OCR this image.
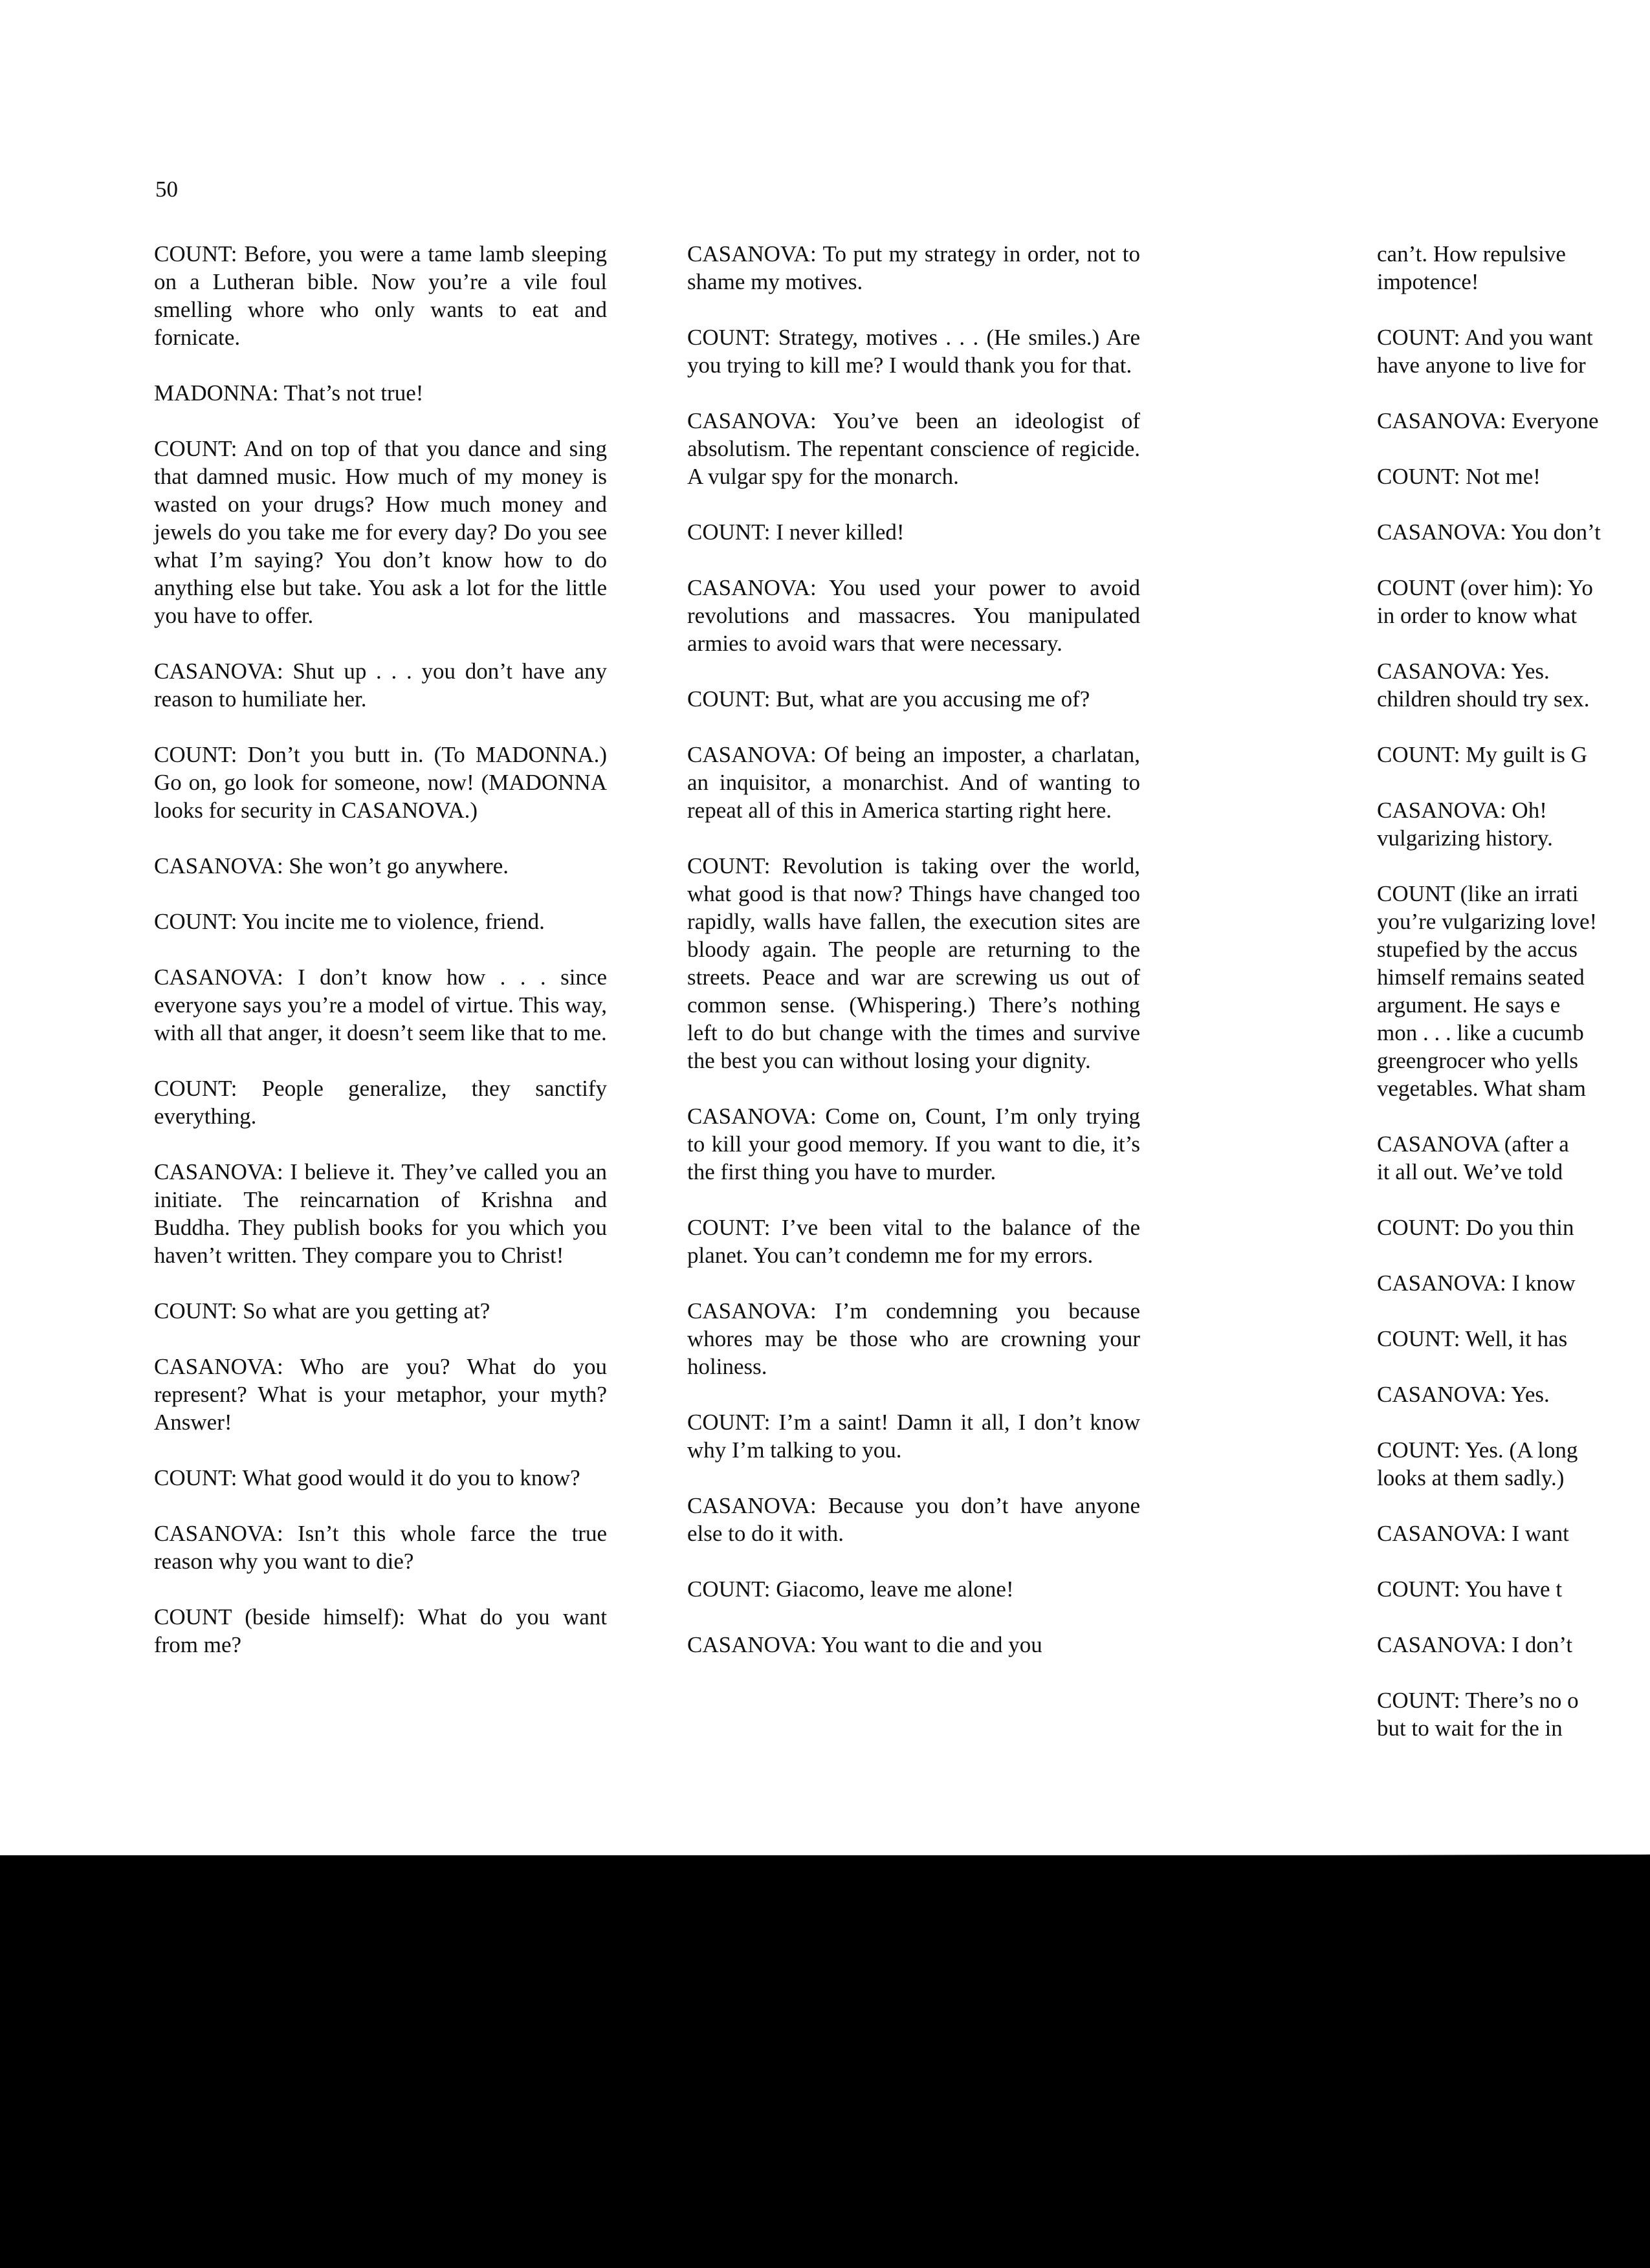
50

COUNT: Before, you were a tame lamb sleeping on a Lutheran bible. Now you’re a vile foul smelling whore who only wants to eat and fornicate.

MADONNA: That’s not true!

COUNT: And on top of that you dance and sing that damned music. How much of my money is wasted on your drugs? How much money and jewels do you take me for every day? Do you see what I’m saying? You don’t know how to do anything else but take. You ask a lot for the little you have to offer.

CASANOVA: Shut up . . . you don’t have any reason to humiliate her.

COUNT: Don’t you butt in. (To MADONNA.) Go on, go look for someone, now! (MADONNA looks for security in CASANOVA.)

CASANOVA: She won’t go anywhere.

COUNT: You incite me to violence, friend.

CASANOVA: I don’t know how . . . since everyone says you’re a model of virtue. This way, with all that anger, it doesn’t seem like that to me.

COUNT: People generalize, they sanctify everything.

CASANOVA: I believe it. They’ve called you an initiate. The reincarnation of Krishna and Buddha. They publish books for you which you haven’t written. They compare you to Christ!

COUNT: So what are you getting at?

CASANOVA: Who are you? What do you represent? What is your metaphor, your myth? Answer!

COUNT: What good would it do you to know?

CASANOVA: Isn’t this whole farce the true reason why you want to die?

COUNT (beside himself): What do you want from me?

CASANOVA: To put my strategy in order, not to shame my motives.

COUNT: Strategy, motives . . . (He smiles.) Are you trying to kill me? I would thank you for that.

CASANOVA: You’ve been an ideologist of absolutism. The repentant conscience of regicide. A vulgar spy for the monarch.

COUNT: I never killed!

CASANOVA: You used your power to avoid revolutions and massacres. You manipulated armies to avoid wars that were necessary.

COUNT: But, what are you accusing me of?

CASANOVA: Of being an imposter, a charlatan, an inquisitor, a monarchist. And of wanting to repeat all of this in America starting right here.

COUNT: Revolution is taking over the world, what good is that now? Things have changed too rapidly, walls have fallen, the execution sites are bloody again. The people are returning to the streets. Peace and war are screwing us out of common sense. (Whispering.) There’s nothing left to do but change with the times and survive the best you can without losing your dignity.

CASANOVA: Come on, Count, I’m only trying to kill your good memory. If you want to die, it’s the first thing you have to murder.

COUNT: I’ve been vital to the balance of the planet. You can’t condemn me for my errors.

CASANOVA: I’m condemning you because whores may be those who are crowning your holiness.

COUNT: I’m a saint! Damn it all, I don’t know why I’m talking to you.

CASANOVA: Because you don’t have anyone else to do it with.

COUNT: Giacomo, leave me alone!

CASANOVA: You want to die and you

can’t. How repulsive
impotence!

COUNT: And you want
have anyone to live for

CASANOVA: Everyone

COUNT: Not me!

CASANOVA: You don’t

COUNT (over him): Yo
in order to know what

CASANOVA: Yes.
children should try sex.

COUNT: My guilt is G

CASANOVA: Oh!
vulgarizing history.

COUNT (like an irrati
you’re vulgarizing love!
stupefied by the accus
himself remains seated
argument. He says e
mon . . . like a cucumb
greengrocer who yells
vegetables. What sham

CASANOVA (after a
it all out. We’ve told

COUNT: Do you thin

CASANOVA: I know

COUNT: Well, it has

CASANOVA: Yes.

COUNT: Yes. (A long
looks at them sadly.)

CASANOVA: I want

COUNT: You have t

CASANOVA: I don’t

COUNT: There’s no o
but to wait for the in
